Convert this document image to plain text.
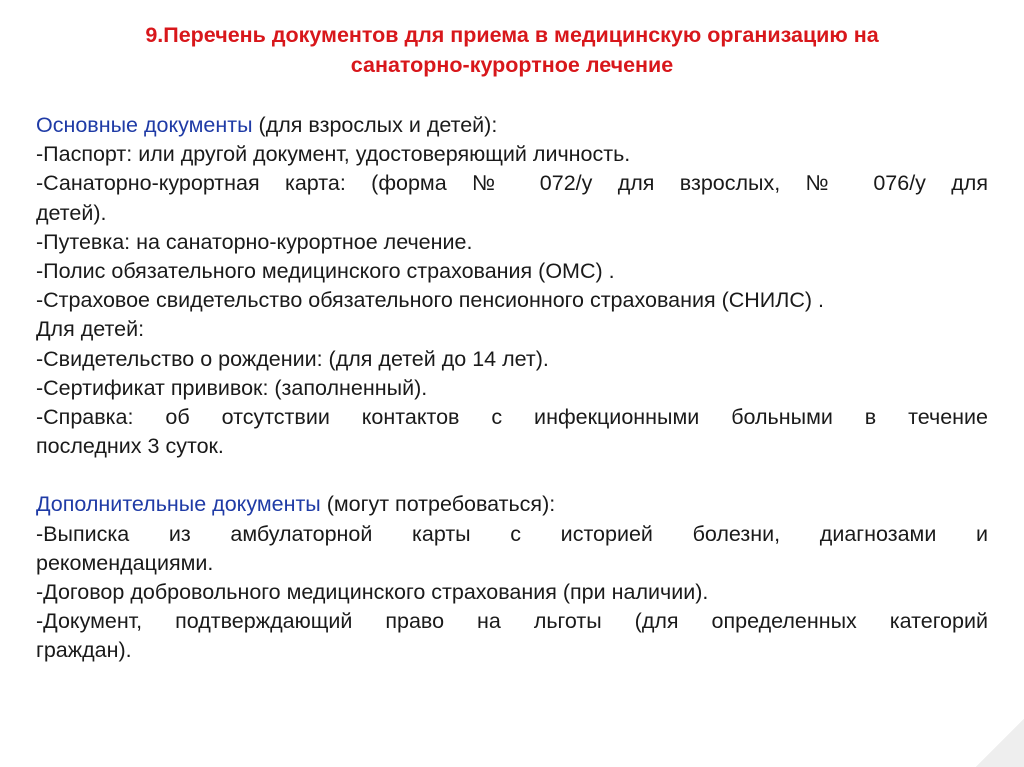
9.Перечень документов для приема в медицинскую организацию на
санаторно-курортное лечение
Основные документы (для взрослых и детей):
-Паспорт: или другой документ, удостоверяющий личность.
-Санаторно-курортная карта: (форма № 072/у для взрослых, № 076/у для
детей).
-Путевка: на санаторно-курортное лечение.
-Полис обязательного медицинского страхования (ОМС) .
-Страховое свидетельство обязательного пенсионного страхования (СНИЛС) .
Для детей:
-Свидетельство о рождении: (для детей до 14 лет).
-Сертификат прививок: (заполненный).
-Справка: об отсутствии контактов с инфекционными больными в течение
последних 3 суток.
Дополнительные документы (могут потребоваться):
-Выписка из амбулаторной карты с историей болезни, диагнозами и
рекомендациями.
-Договор добровольного медицинского страхования (при наличии).
-Документ, подтверждающий право на льготы (для определенных категорий
граждан).
